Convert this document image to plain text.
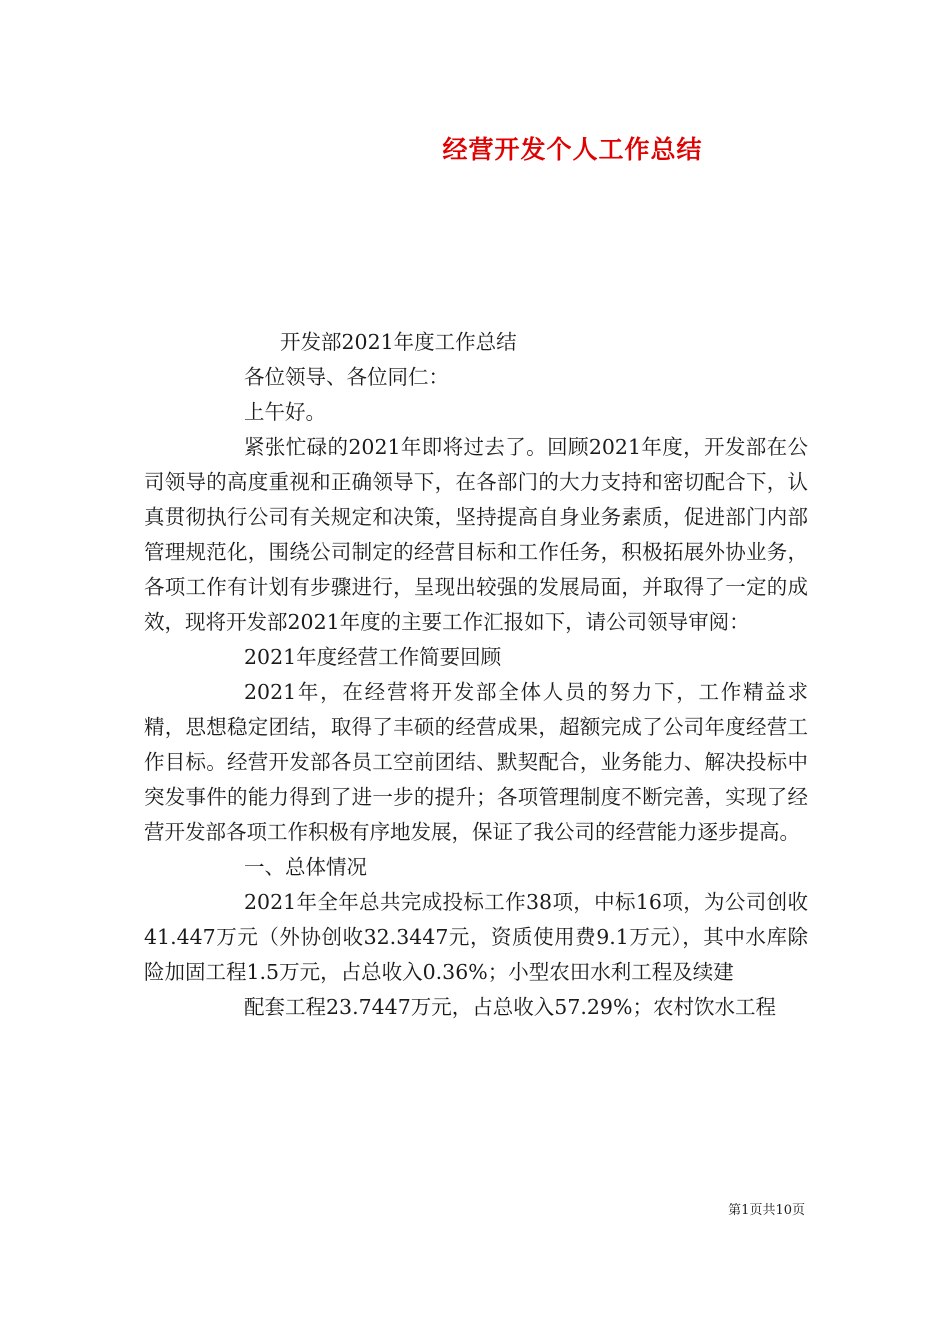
经营开发个人工作总结

开发部2021年度工作总结

各位领导、各位同仁：

上午好。

紧张忙碌的2021年即将过去了。回顾2021年度，开发部在公司领导的高度重视和正确领导下，在各部门的大力支持和密切配合下，认真贯彻执行公司有关规定和决策，坚持提高自身业务素质，促进部门内部管理规范化，围绕公司制定的经营目标和工作任务，积极拓展外协业务，各项工作有计划有步骤进行，呈现出较强的发展局面，并取得了一定的成效，现将开发部2021年度的主要工作汇报如下，请公司领导审阅：

2021年度经营工作简要回顾

2021年，在经营将开发部全体人员的努力下，工作精益求精，思想稳定团结，取得了丰硕的经营成果，超额完成了公司年度经营工作目标。经营开发部各员工空前团结、默契配合，业务能力、解决投标中突发事件的能力得到了进一步的提升；各项管理制度不断完善，实现了经营开发部各项工作积极有序地发展，保证了我公司的经营能力逐步提高。

一、总体情况

2021年全年总共完成投标工作38项，中标16项，为公司创收41.447万元（外协创收32.3447元，资质使用费9.1万元），其中水库除险加固工程1.5万元，占总收入0.36%；小型农田水利工程及续建

配套工程23.7447万元，占总收入57.29%；农村饮水工程

第1页共10页
